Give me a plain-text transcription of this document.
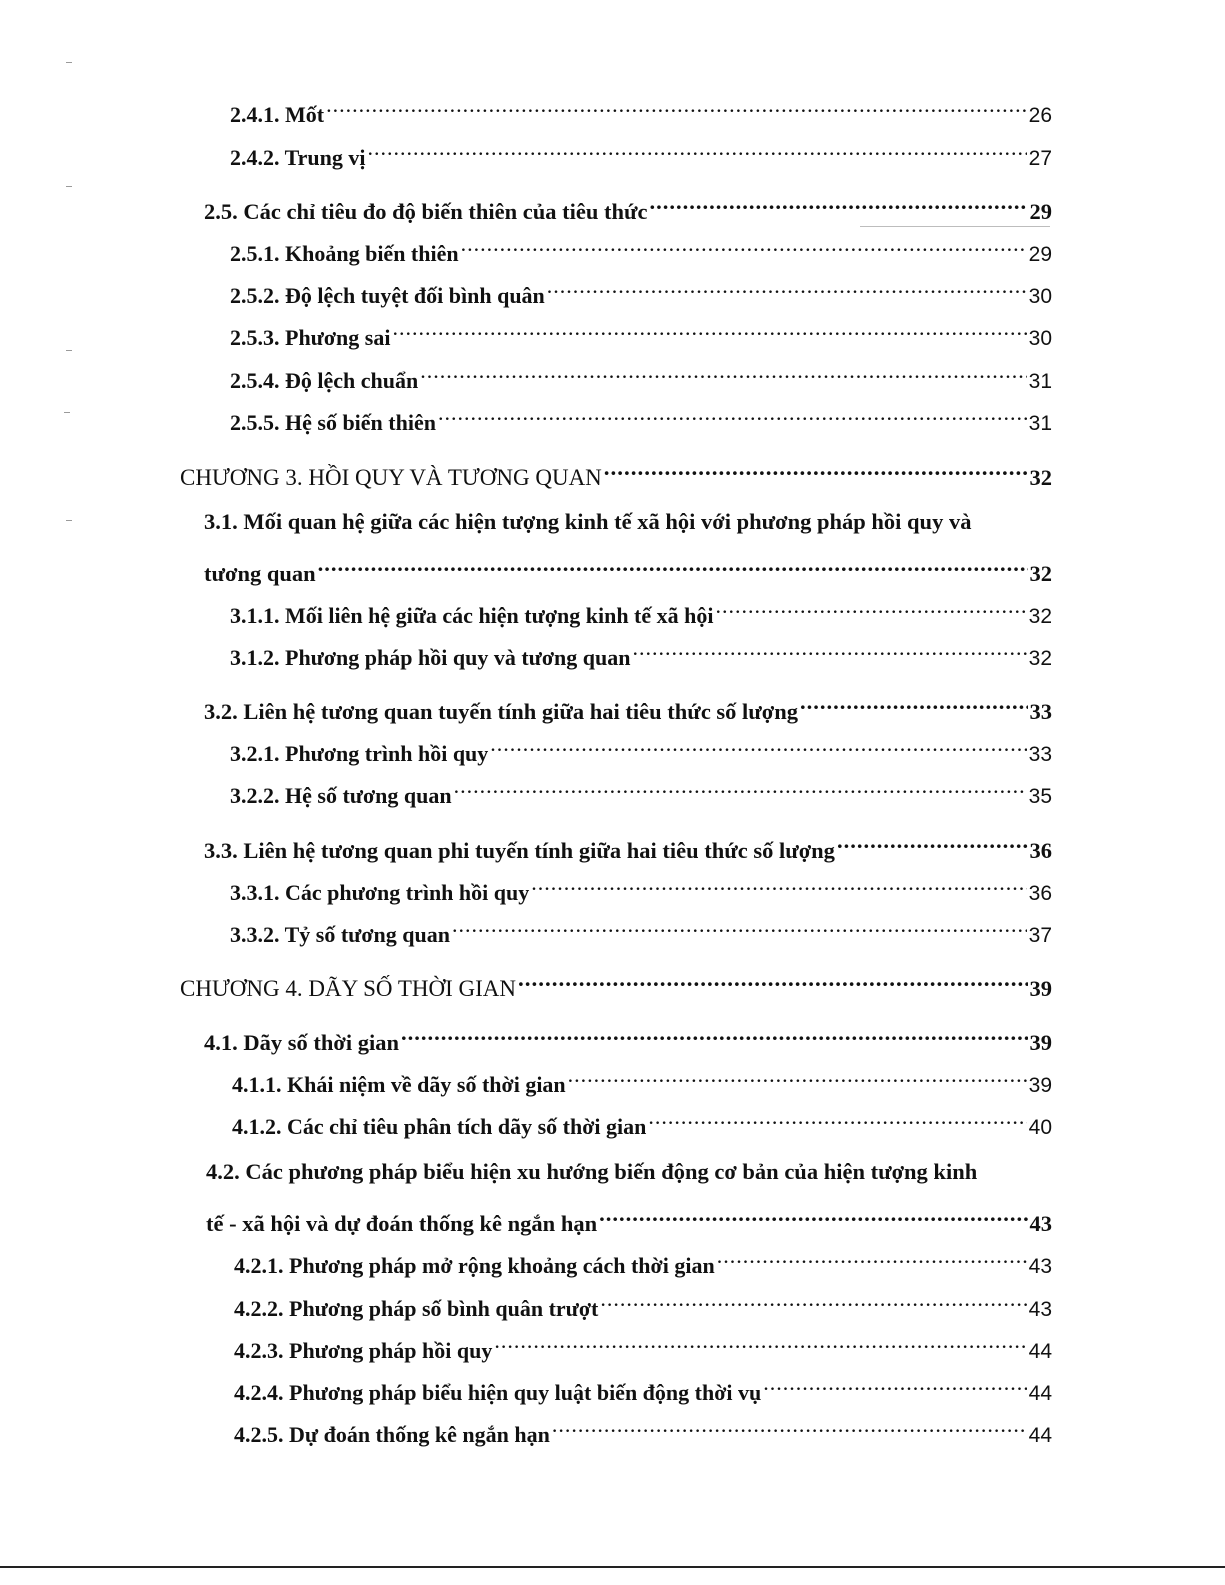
2.4.1. Mốt .....	26
2.4.2. Trung vị .....	27
2.5. Các chỉ tiêu đo độ biến thiên của tiêu thức .....	29
2.5.1. Khoảng biến thiên .....	29
2.5.2. Độ lệch tuyệt đối bình quân .....	30
2.5.3. Phương sai .....	30
2.5.4. Độ lệch chuẩn .....	31
2.5.5. Hệ số biến thiên .....	31
CHƯƠNG 3. HỒI QUY VÀ TƯƠNG QUAN .....	32
3.1. Mối quan hệ giữa các hiện tượng kinh tế xã hội với phương pháp hồi quy và
tương quan .....	32
3.1.1. Mối liên hệ giữa các hiện tượng kinh tế xã hội .....	32
3.1.2. Phương pháp hồi quy và tương quan .....	32
3.2. Liên hệ tương quan tuyến tính giữa hai tiêu thức số lượng .....	33
3.2.1. Phương trình hồi quy .....	33
3.2.2. Hệ số tương quan .....	35
3.3. Liên hệ tương quan phi tuyến tính giữa hai tiêu thức số lượng .....	36
3.3.1. Các phương trình hồi quy .....	36
3.3.2. Tỷ số tương quan .....	37
CHƯƠNG 4. DÃY SỐ THỜI GIAN .....	39
4.1. Dãy số thời gian .....	39
4.1.1. Khái niệm về dãy số thời gian .....	39
4.1.2. Các chỉ tiêu phân tích dãy số thời gian .....	40
4.2. Các phương pháp biểu hiện xu hướng biến động cơ bản của hiện tượng kinh
tế - xã hội và dự đoán thống kê ngắn hạn .....	43
4.2.1. Phương pháp mở rộng khoảng cách thời gian .....	43
4.2.2. Phương pháp số bình quân trượt .....	43
4.2.3. Phương pháp hồi quy .....	44
4.2.4. Phương pháp biểu hiện quy luật biến động thời vụ .....	44
4.2.5. Dự đoán thống kê ngắn hạn .....	44
